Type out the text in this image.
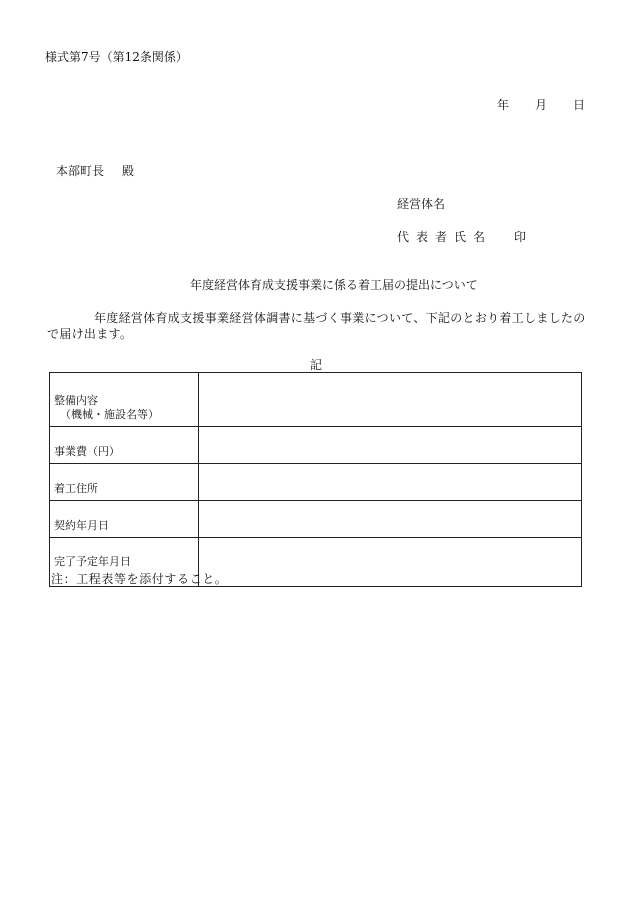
様式第7号（第12条関係）
年 月 日
本部町長 殿
経営体名
代表者氏名 印
年度経営体育成支援事業に係る着工届の提出について
年度経営体育成支援事業経営体調書に基づく事業について、下記のとおり着工しましたので届け出ます。
記
整備内容
（機械・施設名等）	

事業費（円）	
着工住所	
契約年月日	
完了予定年月日	
注：工程表等を添付すること。
